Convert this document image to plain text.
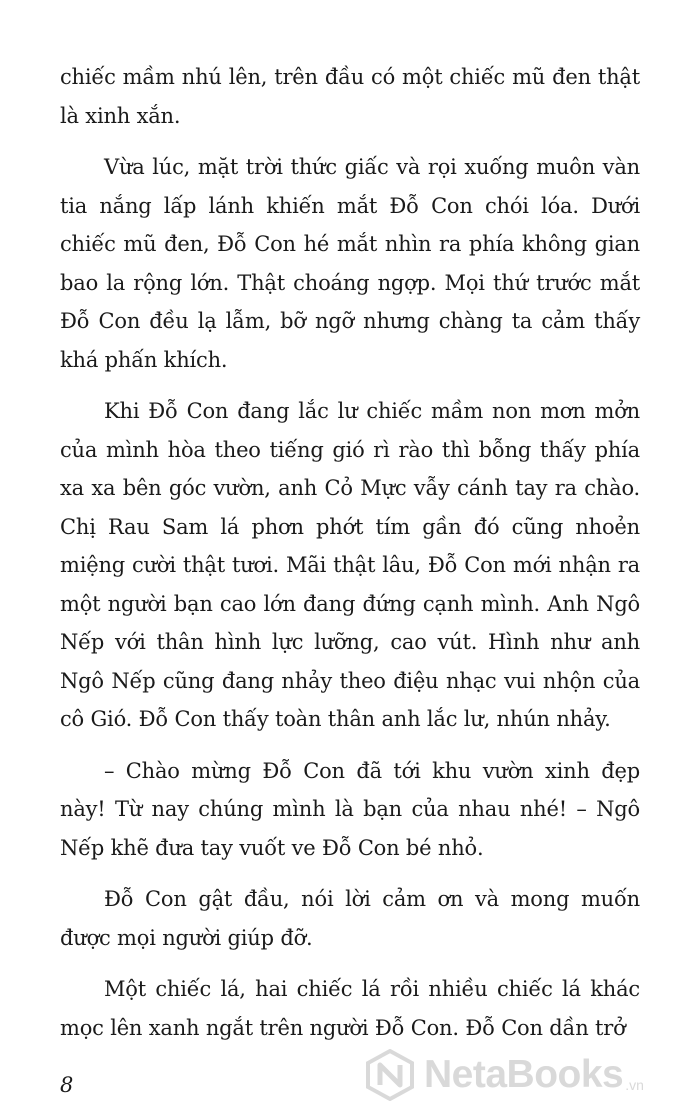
chiếc mầm nhú lên, trên đầu có một chiếc mũ đen thật là xinh xắn.

Vừa lúc, mặt trời thức giấc và rọi xuống muôn vàn tia nắng lấp lánh khiến mắt Đỗ Con chói lóa. Dưới chiếc mũ đen, Đỗ Con hé mắt nhìn ra phía không gian bao la rộng lớn. Thật choáng ngợp. Mọi thứ trước mắt Đỗ Con đều lạ lẫm, bỡ ngỡ nhưng chàng ta cảm thấy khá phấn khích.

Khi Đỗ Con đang lắc lư chiếc mầm non mơn mởn của mình hòa theo tiếng gió rì rào thì bỗng thấy phía xa xa bên góc vườn, anh Cỏ Mực vẫy cánh tay ra chào. Chị Rau Sam lá phơn phớt tím gần đó cũng nhoẻn miệng cười thật tươi. Mãi thật lâu, Đỗ Con mới nhận ra một người bạn cao lớn đang đứng cạnh mình. Anh Ngô Nếp với thân hình lực lưỡng, cao vút. Hình như anh Ngô Nếp cũng đang nhảy theo điệu nhạc vui nhộn của cô Gió. Đỗ Con thấy toàn thân anh lắc lư, nhún nhảy.

– Chào mừng Đỗ Con đã tới khu vườn xinh đẹp này! Từ nay chúng mình là bạn của nhau nhé! – Ngô Nếp khẽ đưa tay vuốt ve Đỗ Con bé nhỏ.

Đỗ Con gật đầu, nói lời cảm ơn và mong muốn được mọi người giúp đỡ.

Một chiếc lá, hai chiếc lá rồi nhiều chiếc lá khác mọc lên xanh ngắt trên người Đỗ Con. Đỗ Con dần trở

8	NetaBooks .vn
